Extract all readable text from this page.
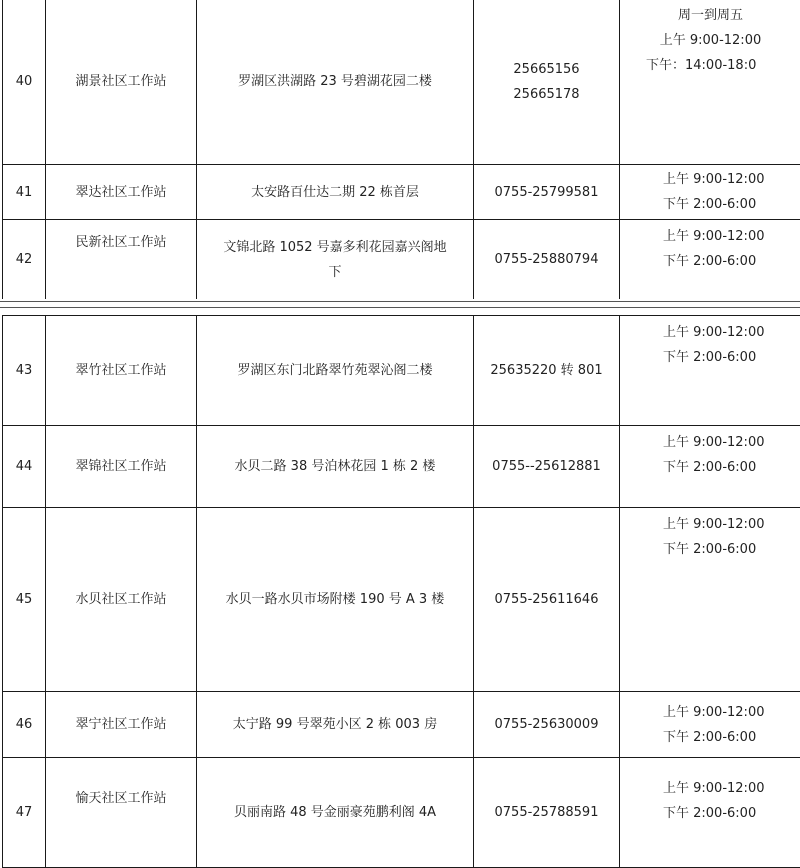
40	湖景社区工作站	罗湖区洪湖路 23 号碧湖花园二楼	25665156
25665178	周一到周五
上午 9:00-12:00
下午：14:00-18:0

41	翠达社区工作站	太安路百仕达二期 22 栋首层	0755-25799581	上午 9:00-12:00
下午 2:00-6:00

42	民新社区工作站	文锦北路 1052 号嘉多利花园嘉兴阁地
下	0755-25880794	上午 9:00-12:00
下午 2:00-6:00
43	翠竹社区工作站	罗湖区东门北路翠竹苑翠沁阁二楼	25635220 转 801	上午 9:00-12:00
下午 2:00-6:00

44	翠锦社区工作站	水贝二路 38 号泊林花园 1 栋 2 楼	0755--25612881	上午 9:00-12:00
下午 2:00-6:00

45	水贝社区工作站	水贝一路水贝市场附楼 190 号 A 3 楼	0755-25611646	上午 9:00-12:00
下午 2:00-6:00

46	翠宁社区工作站	太宁路 99 号翠苑小区 2 栋 003 房	0755-25630009	上午 9:00-12:00
下午 2:00-6:00

47	愉天社区工作站	贝丽南路 48 号金丽豪苑鹏利阁 4A	0755-25788591	上午 9:00-12:00
下午 2:00-6:00
